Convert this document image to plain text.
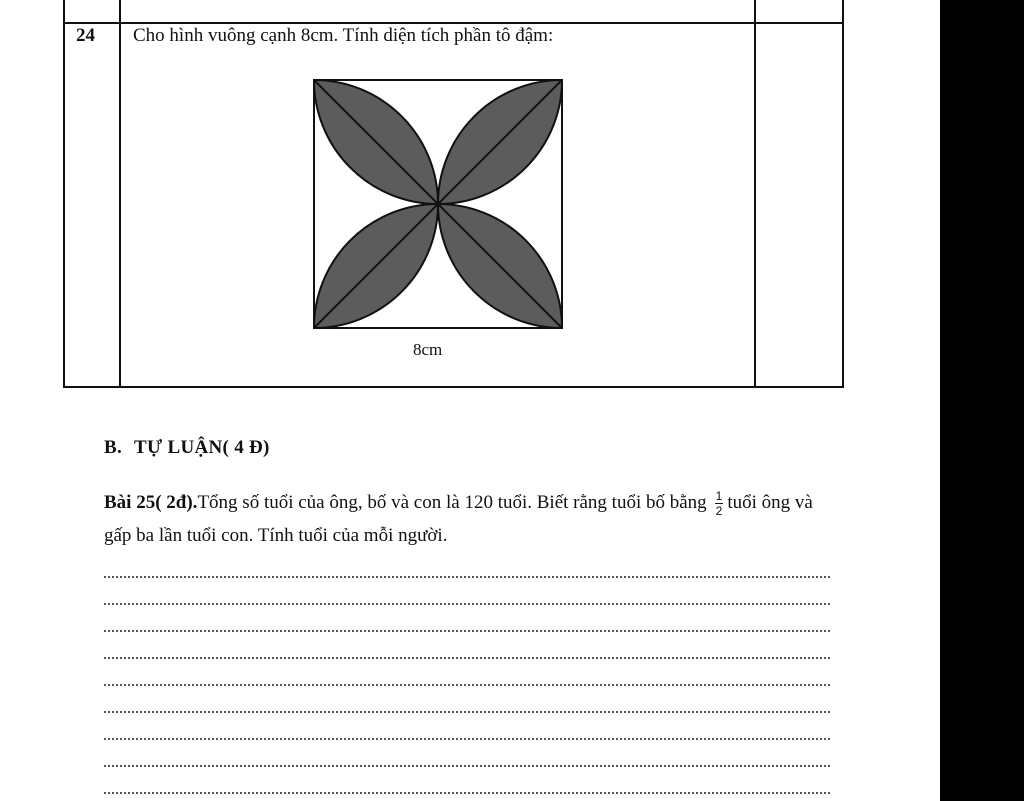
24 Cho hình vuông cạnh 8cm. Tính diện tích phần tô đậm:
8cm
B. TỰ LUẬN( 4 Đ)
Bài 25( 2đ).Tổng số tuổi của ông, bố và con là 120 tuổi. Biết rằng tuổi bố bằng $\frac{1}{2}$ tuổi ông và gấp ba lần tuổi con. Tính tuổi của mỗi người.
